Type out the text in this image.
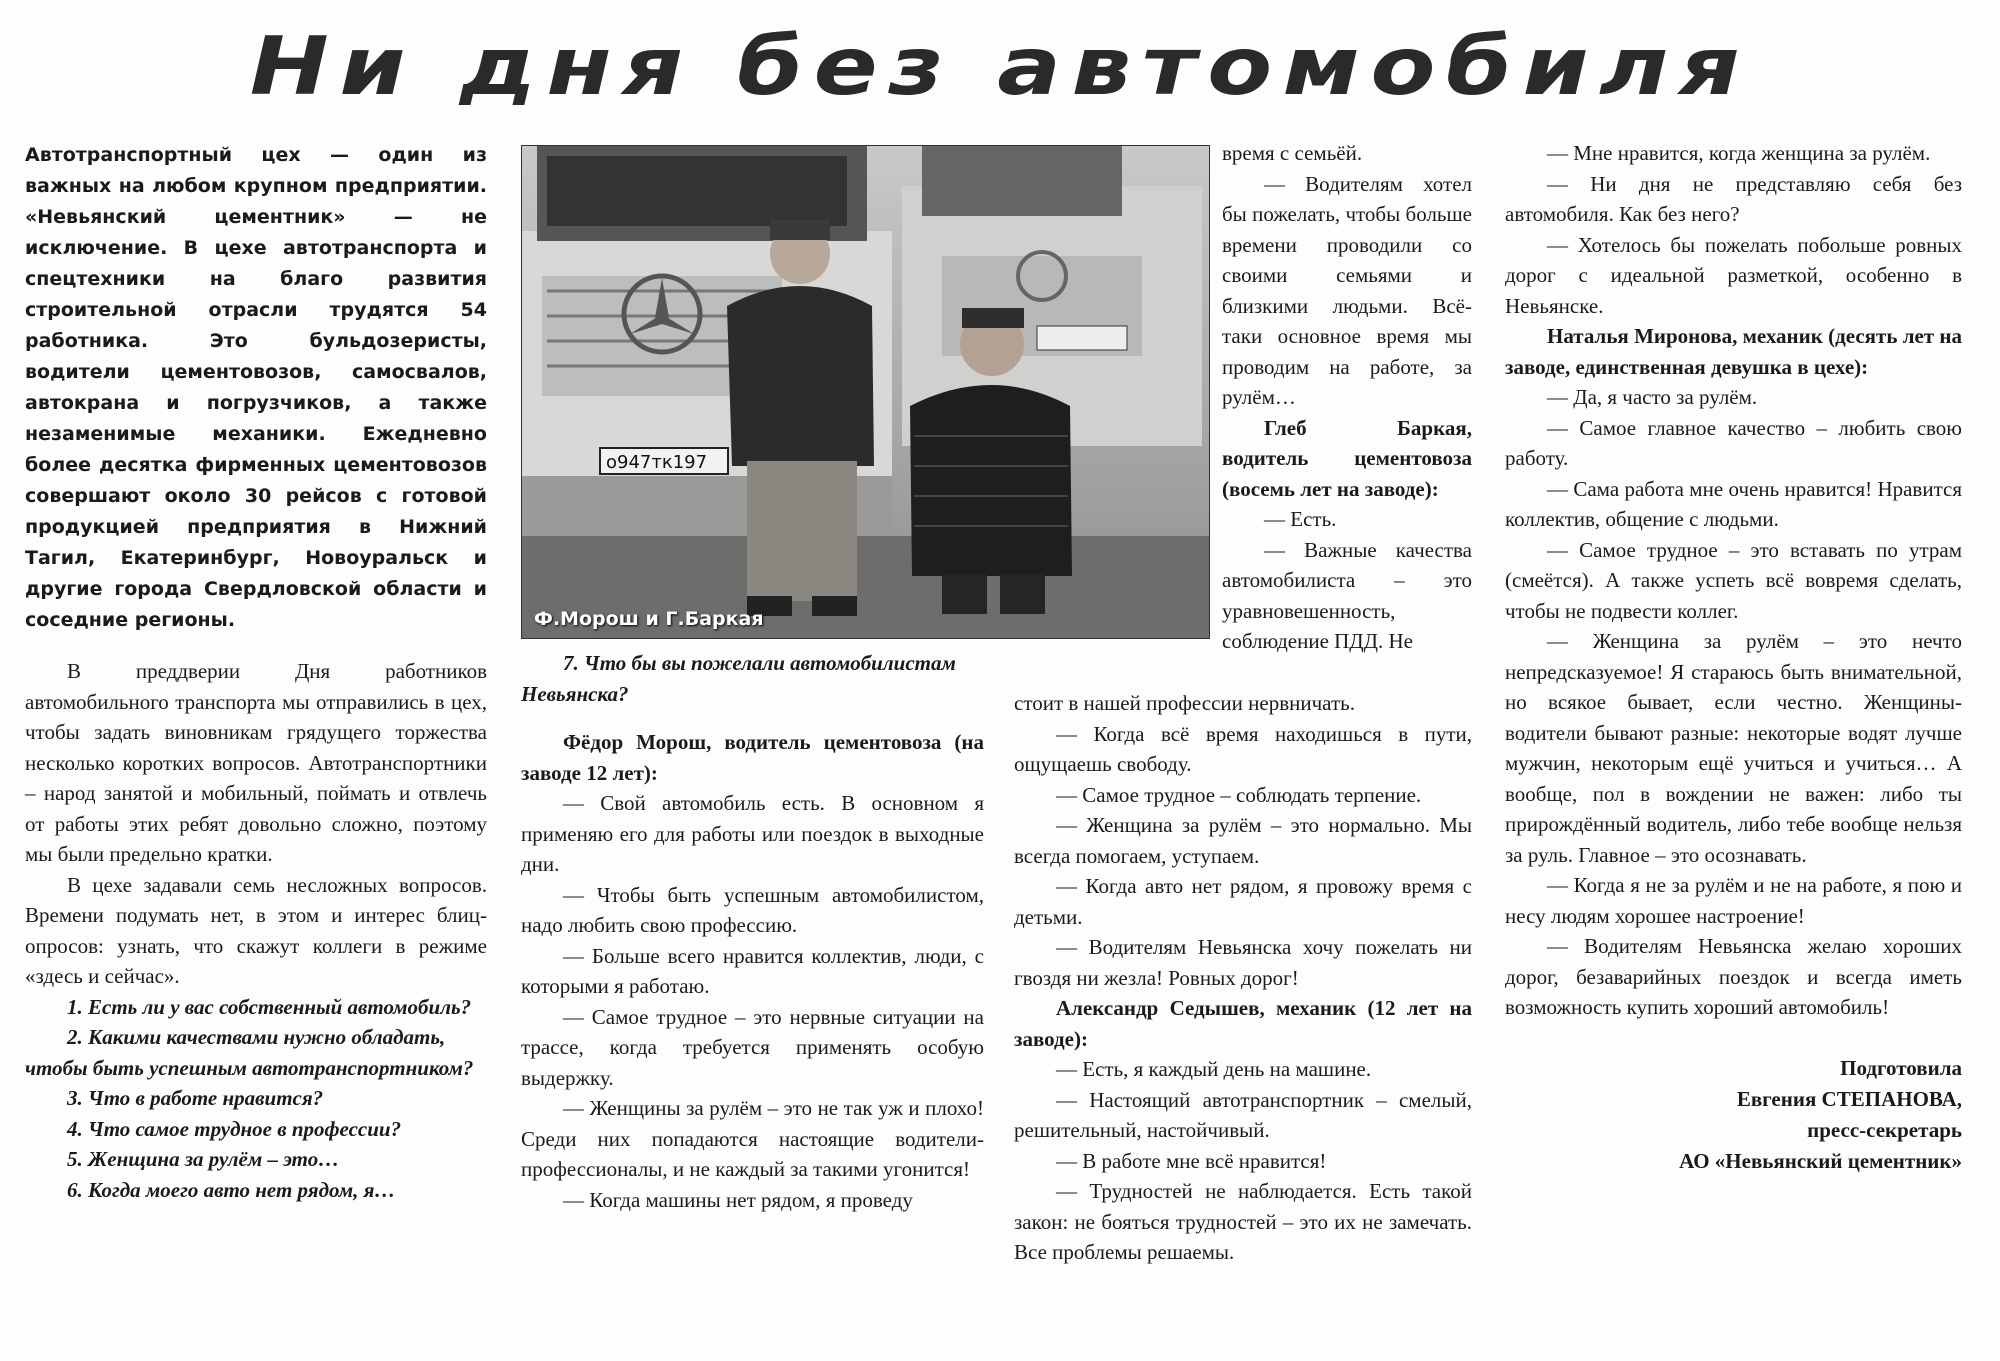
Ни дня без автомобиля

Автотранспортный цех — один из важных на любом крупном предприятии. «Невьянский цементник» — не исключение. В цехе автотранспорта и спецтехники на благо развития строительной отрасли трудятся 54 работника. Это бульдозеристы, водители цементовозов, самосвалов, автокрана и погрузчиков, а также незаменимые механики. Ежедневно более десятка фирменных цементовозов совершают около 30 рейсов с готовой продукцией предприятия в Нижний Тагил, Екатеринбург, Новоуральск и другие города Свердловской области и соседние регионы.

В преддверии Дня работников автомобильного транспорта мы отправились в цех, чтобы задать виновникам грядущего торжества несколько коротких вопросов. Автотранспортники – народ занятой и мобильный, поймать и отвлечь от работы этих ребят довольно сложно, поэтому мы были предельно кратки.

В цехе задавали семь несложных вопросов. Времени подумать нет, в этом и интерес блиц-опросов: узнать, что скажут коллеги в режиме «здесь и сейчас».

1. Есть ли у вас собственный автомобиль?

2. Какими качествами нужно обладать, чтобы быть успешным автотранспортником?

3. Что в работе нравится?

4. Что самое трудное в профессии?

5. Женщина за рулём – это…

6. Когда моего авто нет рядом, я…

о947тк197
Ф.Морош и Г.Баркая

7. Что бы вы пожелали автомобилистам Невьянска?

Фёдор Морош, водитель цементовоза (на заводе 12 лет):

— Свой автомобиль есть. В основном я применяю его для работы или поездок в выходные дни.

— Чтобы быть успешным автомобилистом, надо любить свою профессию.

— Больше всего нравится коллектив, люди, с которыми я работаю.

— Самое трудное – это нервные ситуации на трассе, когда требуется применять особую выдержку.

— Женщины за рулём – это не так уж и плохо! Среди них попадаются настоящие водители-профессионалы, и не каждый за такими угонится!

— Когда машины нет рядом, я проведу

время с семьёй.

— Водителям хотел бы пожелать, чтобы больше времени проводили со своими семьями и близкими людьми. Всё-таки основное время мы проводим на работе, за рулём…

Глеб Баркая, водитель цементовоза (восемь лет на заводе):

— Есть.

— Важные качества автомобилиста – это уравновешенность, соблюдение ПДД. Не

стоит в нашей профессии нервничать.

— Когда всё время находишься в пути, ощущаешь свободу.

— Самое трудное – соблюдать терпение.

— Женщина за рулём – это нормально. Мы всегда помогаем, уступаем.

— Когда авто нет рядом, я провожу время с детьми.

— Водителям Невьянска хочу пожелать ни гвоздя ни жезла! Ровных дорог!

Александр Седышев, механик (12 лет на заводе):

— Есть, я каждый день на машине.

— Настоящий автотранспортник – смелый, решительный, настойчивый.

— В работе мне всё нравится!

— Трудностей не наблюдается. Есть такой закон: не бояться трудностей – это их не замечать. Все проблемы решаемы.

— Мне нравится, когда женщина за рулём.

— Ни дня не представляю себя без автомобиля. Как без него?

— Хотелось бы пожелать побольше ровных дорог с идеальной разметкой, особенно в Невьянске.

Наталья Миронова, механик (десять лет на заводе, единственная девушка в цехе):

— Да, я часто за рулём.

— Самое главное качество – любить свою работу.

— Сама работа мне очень нравится! Нравится коллектив, общение с людьми.

— Самое трудное – это вставать по утрам (смеётся). А также успеть всё вовремя сделать, чтобы не подвести коллег.

— Женщина за рулём – это нечто непредсказуемое! Я стараюсь быть внимательной, но всякое бывает, если честно. Женщины-водители бывают разные: некоторые водят лучше мужчин, некоторым ещё учиться и учиться… А вообще, пол в вождении не важен: либо ты прирождённый водитель, либо тебе вообще нельзя за руль. Главное – это осознавать.

— Когда я не за рулём и не на работе, я пою и несу людям хорошее настроение!

— Водителям Невьянска желаю хороших дорог, безаварийных поездок и всегда иметь возможность купить хороший автомобиль!

Подготовила

Евгения СТЕПАНОВА,

пресс-секретарь

АО «Невьянский цементник»
